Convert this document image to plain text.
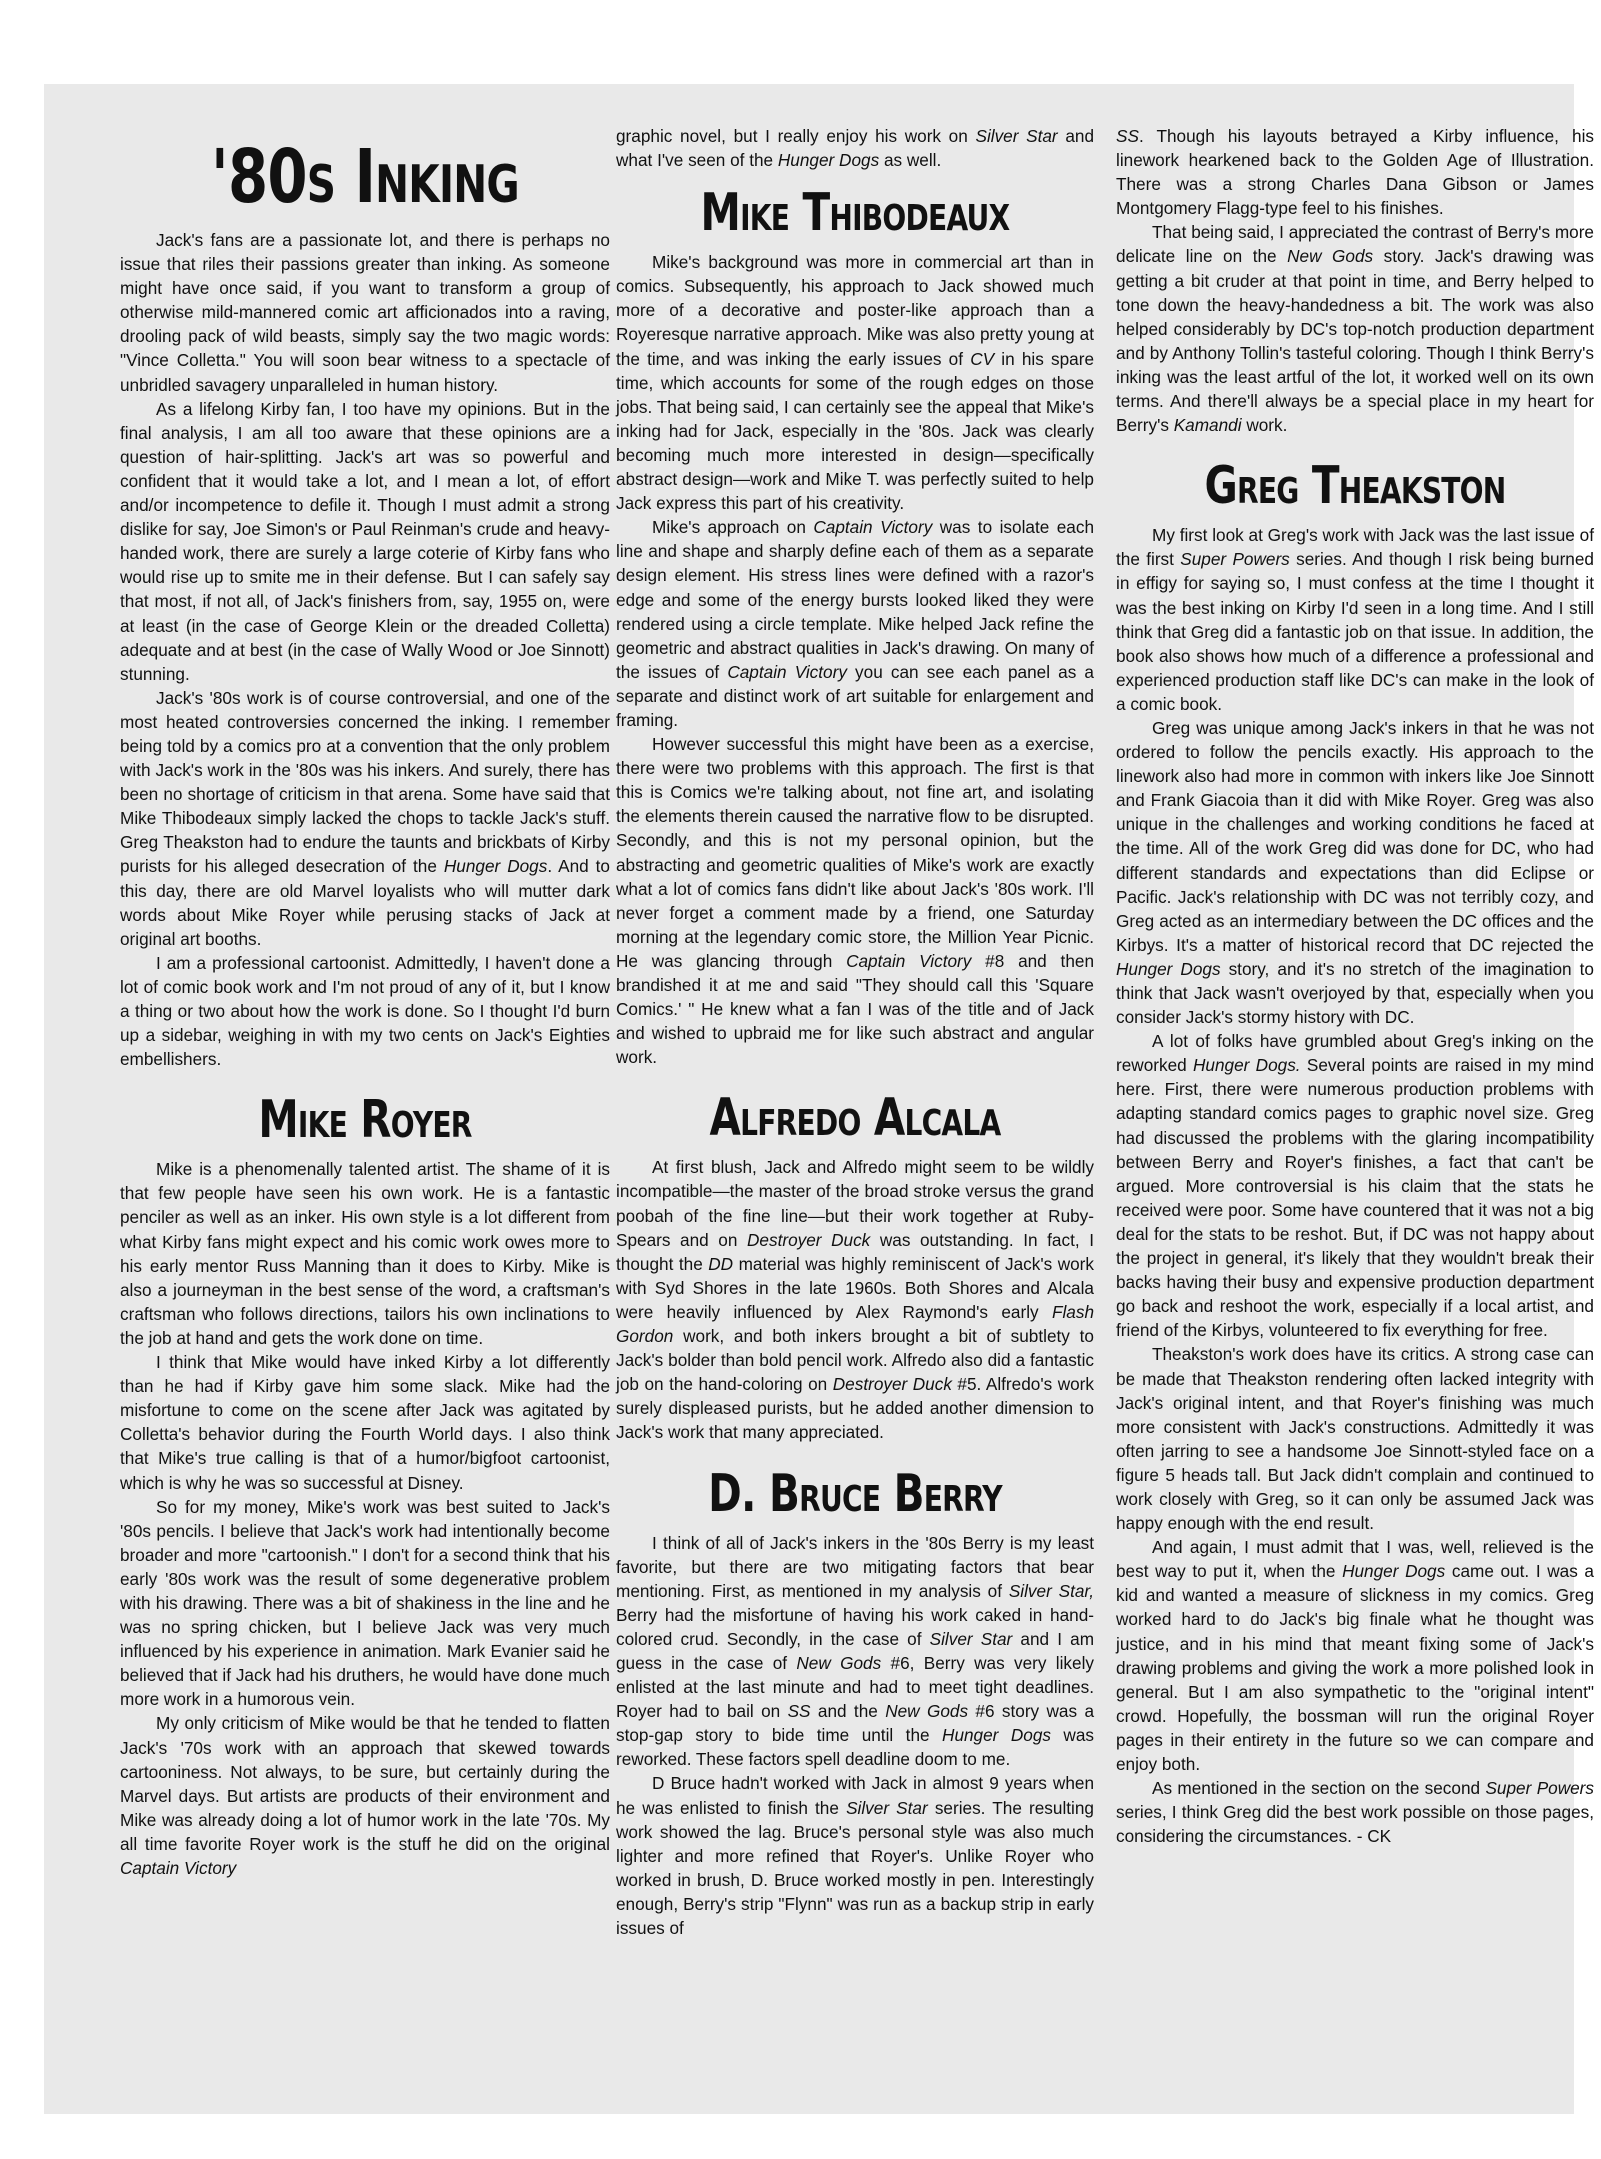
'80s Inking

Jack's fans are a passionate lot, and there is perhaps no issue that riles their passions greater than inking. As someone might have once said, if you want to transform a group of otherwise mild-mannered comic art afficionados into a raving, drooling pack of wild beasts, simply say the two magic words: "Vince Colletta." You will soon bear witness to a spectacle of unbridled savagery unparalleled in human history.

As a lifelong Kirby fan, I too have my opinions. But in the final analysis, I am all too aware that these opinions are a question of hair-splitting. Jack's art was so powerful and confident that it would take a lot, and I mean a lot, of effort and/or incompetence to defile it. Though I must admit a strong dislike for say, Joe Simon's or Paul Reinman's crude and heavy-handed work, there are surely a large coterie of Kirby fans who would rise up to smite me in their defense. But I can safely say that most, if not all, of Jack's finishers from, say, 1955 on, were at least (in the case of George Klein or the dreaded Colletta) adequate and at best (in the case of Wally Wood or Joe Sinnott) stunning.

Jack's '80s work is of course controversial, and one of the most heated controversies concerned the inking. I remember being told by a comics pro at a convention that the only problem with Jack's work in the '80s was his inkers. And surely, there has been no shortage of criticism in that arena. Some have said that Mike Thibodeaux simply lacked the chops to tackle Jack's stuff. Greg Theakston had to endure the taunts and brickbats of Kirby purists for his alleged desecration of the Hunger Dogs. And to this day, there are old Marvel loyalists who will mutter dark words about Mike Royer while perusing stacks of Jack at original art booths.

I am a professional cartoonist. Admittedly, I haven't done a lot of comic book work and I'm not proud of any of it, but I know a thing or two about how the work is done. So I thought I'd burn up a sidebar, weighing in with my two cents on Jack's Eighties embellishers.

Mike Royer

Mike is a phenomenally talented artist. The shame of it is that few people have seen his own work. He is a fantastic penciler as well as an inker. His own style is a lot different from what Kirby fans might expect and his comic work owes more to his early mentor Russ Manning than it does to Kirby. Mike is also a journeyman in the best sense of the word, a craftsman's craftsman who follows directions, tailors his own inclinations to the job at hand and gets the work done on time.

I think that Mike would have inked Kirby a lot differently than he had if Kirby gave him some slack. Mike had the misfortune to come on the scene after Jack was agitated by Colletta's behavior during the Fourth World days. I also think that Mike's true calling is that of a humor/bigfoot cartoonist, which is why he was so successful at Disney.

So for my money, Mike's work was best suited to Jack's '80s pencils. I believe that Jack's work had intentionally become broader and more "cartoonish." I don't for a second think that his early '80s work was the result of some degenerative problem with his drawing. There was a bit of shakiness in the line and he was no spring chicken, but I believe Jack was very much influenced by his experience in animation. Mark Evanier said he believed that if Jack had his druthers, he would have done much more work in a humorous vein.

My only criticism of Mike would be that he tended to flatten Jack's '70s work with an approach that skewed towards cartooniness. Not always, to be sure, but certainly during the Marvel days. But artists are products of their environment and Mike was already doing a lot of humor work in the late '70s. My all time favorite Royer work is the stuff he did on the original Captain Victory

graphic novel, but I really enjoy his work on Silver Star and what I've seen of the Hunger Dogs as well.

Mike Thibodeaux

Mike's background was more in commercial art than in comics. Subsequently, his approach to Jack showed much more of a decorative and poster-like approach than a Royeresque narrative approach. Mike was also pretty young at the time, and was inking the early issues of CV in his spare time, which accounts for some of the rough edges on those jobs. That being said, I can certainly see the appeal that Mike's inking had for Jack, especially in the '80s. Jack was clearly becoming much more interested in design—specifically abstract design—work and Mike T. was perfectly suited to help Jack express this part of his creativity.

Mike's approach on Captain Victory was to isolate each line and shape and sharply define each of them as a separate design element. His stress lines were defined with a razor's edge and some of the energy bursts looked liked they were rendered using a circle template. Mike helped Jack refine the geometric and abstract qualities in Jack's drawing. On many of the issues of Captain Victory you can see each panel as a separate and distinct work of art suitable for enlargement and framing.

However successful this might have been as a exercise, there were two problems with this approach. The first is that this is Comics we're talking about, not fine art, and isolating the elements therein caused the narrative flow to be disrupted. Secondly, and this is not my personal opinion, but the abstracting and geometric qualities of Mike's work are exactly what a lot of comics fans didn't like about Jack's '80s work. I'll never forget a comment made by a friend, one Saturday morning at the legendary comic store, the Million Year Picnic. He was glancing through Captain Victory #8 and then brandished it at me and said "They should call this 'Square Comics.' " He knew what a fan I was of the title and of Jack and wished to upbraid me for like such abstract and angular work.

Alfredo Alcala

At first blush, Jack and Alfredo might seem to be wildly incompatible—the master of the broad stroke versus the grand poobah of the fine line—but their work together at Ruby-Spears and on Destroyer Duck was outstanding. In fact, I thought the DD material was highly reminiscent of Jack's work with Syd Shores in the late 1960s. Both Shores and Alcala were heavily influenced by Alex Raymond's early Flash Gordon work, and both inkers brought a bit of subtlety to Jack's bolder than bold pencil work. Alfredo also did a fantastic job on the hand-coloring on Destroyer Duck #5. Alfredo's work surely displeased purists, but he added another dimension to Jack's work that many appreciated.

D. Bruce Berry

I think of all of Jack's inkers in the '80s Berry is my least favorite, but there are two mitigating factors that bear mentioning. First, as mentioned in my analysis of Silver Star, Berry had the misfortune of having his work caked in hand-colored crud. Secondly, in the case of Silver Star and I am guess in the case of New Gods #6, Berry was very likely enlisted at the last minute and had to meet tight deadlines. Royer had to bail on SS and the New Gods #6 story was a stop-gap story to bide time until the Hunger Dogs was reworked. These factors spell deadline doom to me.

D Bruce hadn't worked with Jack in almost 9 years when he was enlisted to finish the Silver Star series. The resulting work showed the lag. Bruce's personal style was also much lighter and more refined that Royer's. Unlike Royer who worked in brush, D. Bruce worked mostly in pen. Interestingly enough, Berry's strip "Flynn" was run as a backup strip in early issues of

SS. Though his layouts betrayed a Kirby influence, his linework hearkened back to the Golden Age of Illustration. There was a strong Charles Dana Gibson or James Montgomery Flagg-type feel to his finishes.

That being said, I appreciated the contrast of Berry's more delicate line on the New Gods story. Jack's drawing was getting a bit cruder at that point in time, and Berry helped to tone down the heavy-handedness a bit. The work was also helped considerably by DC's top-notch production department and by Anthony Tollin's tasteful coloring. Though I think Berry's inking was the least artful of the lot, it worked well on its own terms. And there'll always be a special place in my heart for Berry's Kamandi work.

Greg Theakston

My first look at Greg's work with Jack was the last issue of the first Super Powers series. And though I risk being burned in effigy for saying so, I must confess at the time I thought it was the best inking on Kirby I'd seen in a long time. And I still think that Greg did a fantastic job on that issue. In addition, the book also shows how much of a difference a professional and experienced production staff like DC's can make in the look of a comic book.

Greg was unique among Jack's inkers in that he was not ordered to follow the pencils exactly. His approach to the linework also had more in common with inkers like Joe Sinnott and Frank Giacoia than it did with Mike Royer. Greg was also unique in the challenges and working conditions he faced at the time. All of the work Greg did was done for DC, who had different standards and expectations than did Eclipse or Pacific. Jack's relationship with DC was not terribly cozy, and Greg acted as an intermediary between the DC offices and the Kirbys. It's a matter of historical record that DC rejected the Hunger Dogs story, and it's no stretch of the imagination to think that Jack wasn't overjoyed by that, especially when you consider Jack's stormy history with DC.

A lot of folks have grumbled about Greg's inking on the reworked Hunger Dogs. Several points are raised in my mind here. First, there were numerous production problems with adapting standard comics pages to graphic novel size. Greg had discussed the problems with the glaring incompatibility between Berry and Royer's finishes, a fact that can't be argued. More controversial is his claim that the stats he received were poor. Some have countered that it was not a big deal for the stats to be reshot. But, if DC was not happy about the project in general, it's likely that they wouldn't break their backs having their busy and expensive production department go back and reshoot the work, especially if a local artist, and friend of the Kirbys, volunteered to fix everything for free.

Theakston's work does have its critics. A strong case can be made that Theakston rendering often lacked integrity with Jack's original intent, and that Royer's finishing was much more consistent with Jack's constructions. Admittedly it was often jarring to see a handsome Joe Sinnott-styled face on a figure 5 heads tall. But Jack didn't complain and continued to work closely with Greg, so it can only be assumed Jack was happy enough with the end result.

And again, I must admit that I was, well, relieved is the best way to put it, when the Hunger Dogs came out. I was a kid and wanted a measure of slickness in my comics. Greg worked hard to do Jack's big finale what he thought was justice, and in his mind that meant fixing some of Jack's drawing problems and giving the work a more polished look in general. But I am also sympathetic to the "original intent" crowd. Hopefully, the bossman will run the original Royer pages in their entirety in the future so we can compare and enjoy both.

As mentioned in the section on the second Super Powers series, I think Greg did the best work possible on those pages, considering the circumstances. - CK
